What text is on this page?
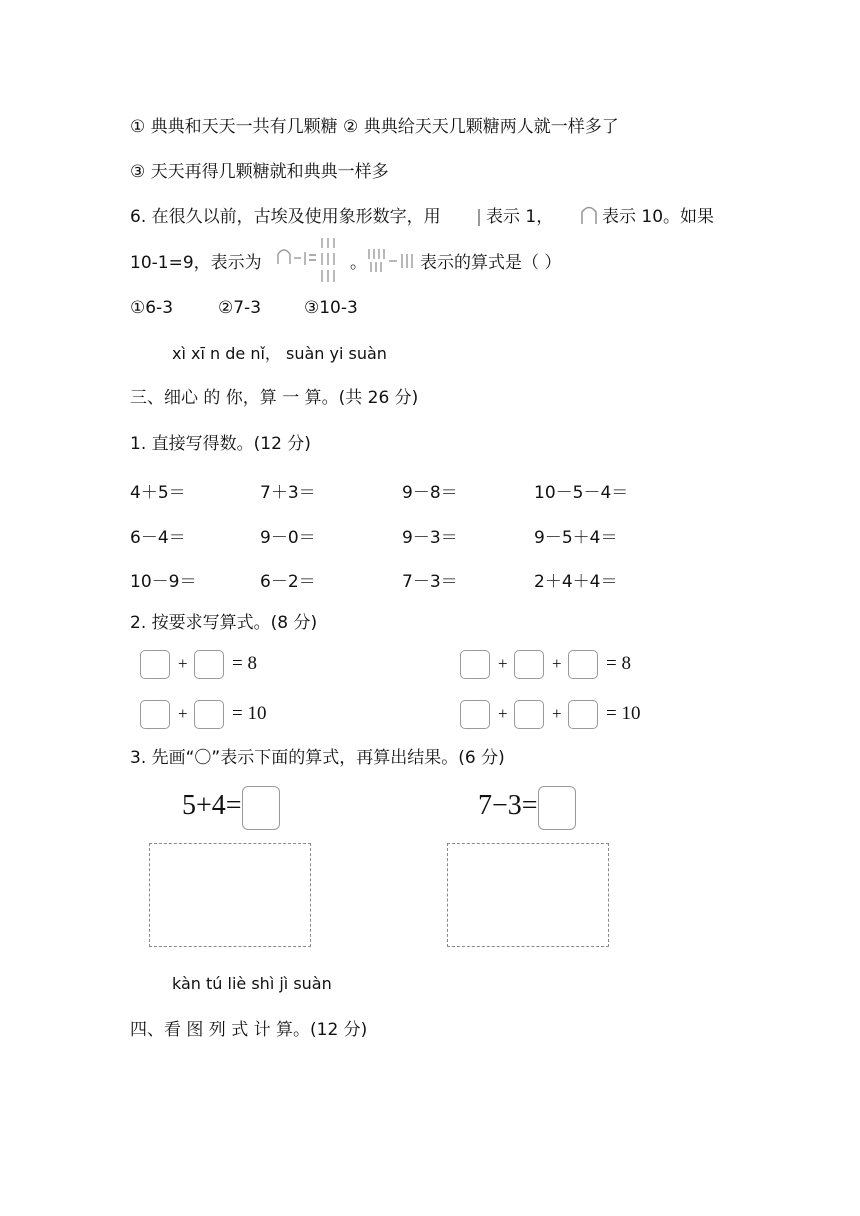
① 典典和天天一共有几颗糖 ② 典典给天天几颗糖两人就一样多了
③ 天天再得几颗糖就和典典一样多
6. 在很久以前，古埃及使用象形数字，用	表示 1，	表示 10。如果
10-1=9，表示为	。	表示的算式是（ ）
①6-3	②7-3	③10-3
xì xī n de nǐ， suàn yi suàn
三、细心 的 你，算 一 算。(共 26 分)
1. 直接写得数。(12 分)
4＋5＝	7＋3＝	9－8＝	10－5－4＝
6－4＝	9－0＝	9－3＝	9－5＋4＝
10－9＝	6－2＝	7－3＝	2＋4＋4＝
2. 按要求写算式。(8 分)
+ = 8	+	+ = 8
+ = 10	+	+ = 10
3. 先画“〇”表示下面的算式，再算出结果。(6 分)
5+4=	7−3=
kàn tú liè shì jì suàn
四、看 图 列 式 计 算。(12 分)
